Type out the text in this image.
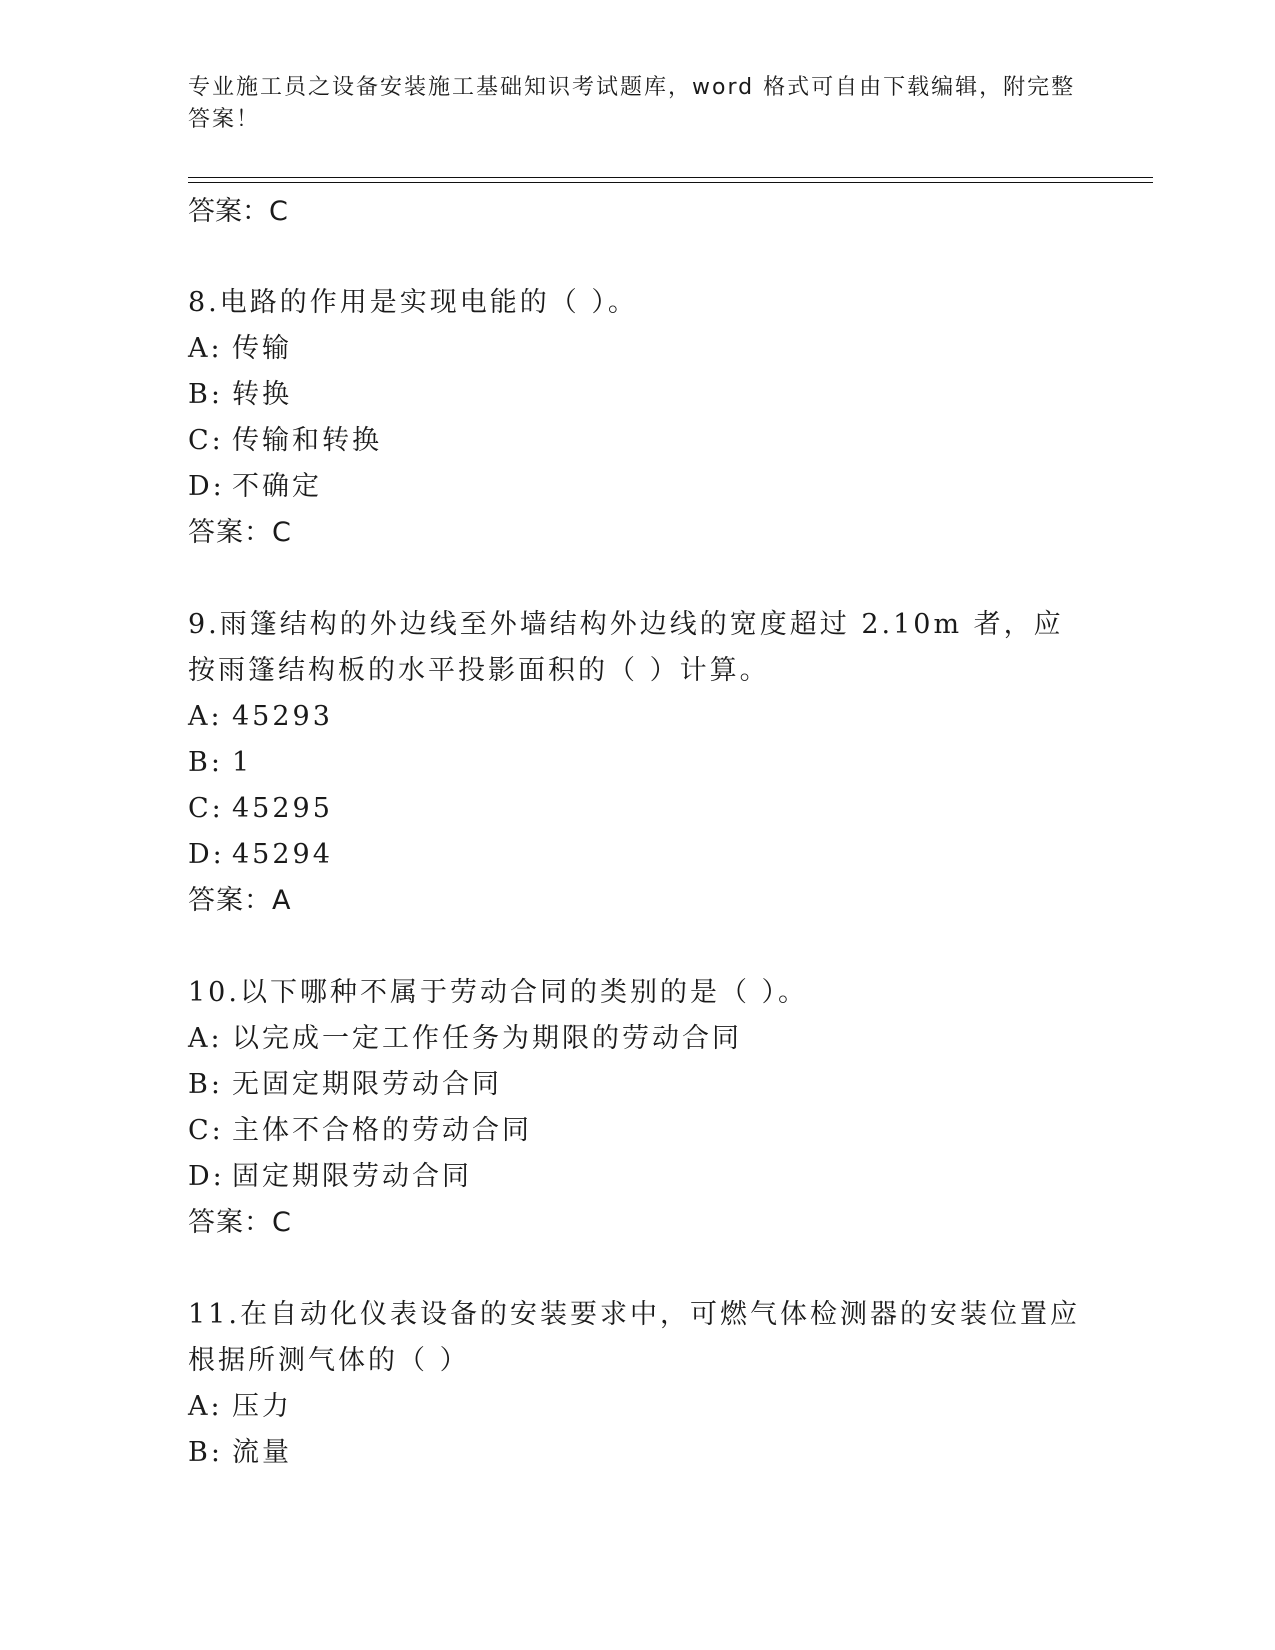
专业施工员之设备安装施工基础知识考试题库，word 格式可自由下载编辑，附完整答案！
答案：C
8.电路的作用是实现电能的（ ）。
A: 传输
B: 转换
C: 传输和转换
D: 不确定
答案：C
9.雨篷结构的外边线至外墙结构外边线的宽度超过 2.10m 者，应按雨篷结构板的水平投影面积的（ ）计算。
A: 45293
B: 1
C: 45295
D: 45294
答案：A
10.以下哪种不属于劳动合同的类别的是（ ）。
A: 以完成一定工作任务为期限的劳动合同
B: 无固定期限劳动合同
C: 主体不合格的劳动合同
D: 固定期限劳动合同
答案：C
11.在自动化仪表设备的安装要求中，可燃气体检测器的安装位置应根据所测气体的（ ）
A: 压力
B: 流量
